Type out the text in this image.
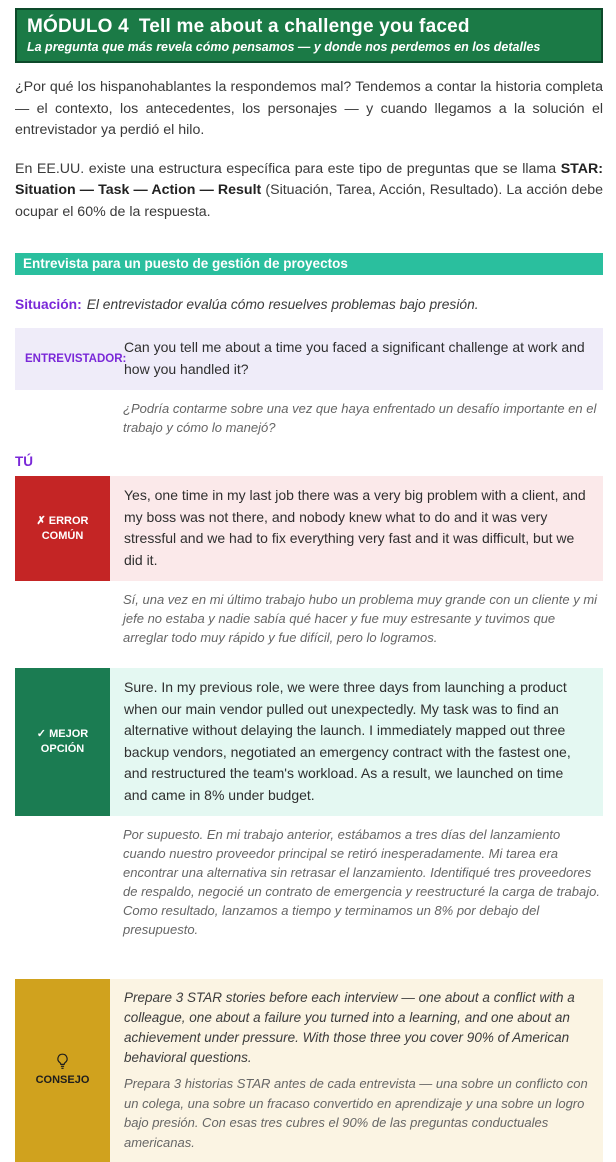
MÓDULO 4 Tell me about a challenge you faced
La pregunta que más revela cómo pensamos — y donde nos perdemos en los detalles

¿Por qué los hispanohablantes la respondemos mal? Tendemos a contar la historia completa — el contexto, los antecedentes, los personajes — y cuando llegamos a la solución el entrevistador ya perdió el hilo.

En EE.UU. existe una estructura específica para este tipo de preguntas que se llama STAR: Situation — Task — Action — Result (Situación, Tarea, Acción, Resultado). La acción debe ocupar el 60% de la respuesta.

Entrevista para un puesto de gestión de proyectos
Situación: El entrevistador evalúa cómo resuelves problemas bajo presión.
ENTREVISTADOR:
Can you tell me about a time you faced a significant challenge at work and how you handled it?
¿Podría contarme sobre una vez que haya enfrentado un desafío importante en el trabajo y cómo lo manejó?
TÚ
✗ ERROR
COMÚN
Yes, one time in my last job there was a very big problem with a client, and my boss was not there, and nobody knew what to do and it was very stressful and we had to fix everything very fast and it was difficult, but we did it.
Sí, una vez en mi último trabajo hubo un problema muy grande con un cliente y mi jefe no estaba y nadie sabía qué hacer y fue muy estresante y tuvimos que arreglar todo muy rápido y fue difícil, pero lo logramos.
✓ MEJOR
OPCIÓN
Sure. In my previous role, we were three days from launching a product when our main vendor pulled out unexpectedly. My task was to find an alternative without delaying the launch. I immediately mapped out three backup vendors, negotiated an emergency contract with the fastest one, and restructured the team's workload. As a result, we launched on time and came in 8% under budget.
Por supuesto. En mi trabajo anterior, estábamos a tres días del lanzamiento cuando nuestro proveedor principal se retiró inesperadamente. Mi tarea era encontrar una alternativa sin retrasar el lanzamiento. Identifiqué tres proveedores de respaldo, negocié un contrato de emergencia y reestructuré la carga de trabajo. Como resultado, lanzamos a tiempo y terminamos un 8% por debajo del presupuesto.
CONSEJO
Prepare 3 STAR stories before each interview — one about a conflict with a colleague, one about a failure you turned into a learning, and one about an achievement under pressure. With those three you cover 90% of American behavioral questions.
Prepara 3 historias STAR antes de cada entrevista — una sobre un conflicto con un colega, una sobre un fracaso convertido en aprendizaje y una sobre un logro bajo presión. Con esas tres cubres el 90% de las preguntas conductuales americanas.
